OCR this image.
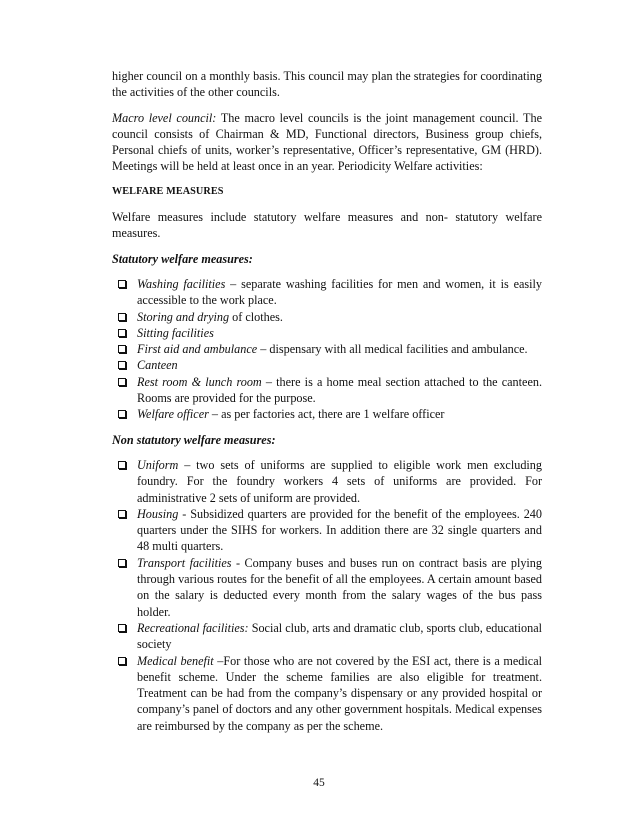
higher council on a monthly basis. This council may plan the strategies for coordinating the activities of the other councils.

Macro level council: The macro level councils is the joint management council. The council consists of Chairman & MD, Functional directors, Business group chiefs, Personal chiefs of units, worker’s representative, Officer’s representative, GM (HRD). Meetings will be held at least once in an year. Periodicity Welfare activities:

WELFARE MEASURES

Welfare measures include statutory welfare measures and non- statutory welfare measures.

Statutory welfare measures:

Washing facilities – separate washing facilities for men and women, it is easily accessible to the work place.
Storing and drying of clothes.
Sitting facilities
First aid and ambulance – dispensary with all medical facilities and ambulance.
Canteen
Rest room & lunch room – there is a home meal section attached to the canteen. Rooms are provided for the purpose.
Welfare officer – as per factories act, there are 1 welfare officer

Non statutory welfare measures:

Uniform – two sets of uniforms are supplied to eligible work men excluding foundry. For the foundry workers 4 sets of uniforms are provided. For administrative 2 sets of uniform are provided.
Housing - Subsidized quarters are provided for the benefit of the employees. 240 quarters under the SIHS for workers. In addition there are 32 single quarters and 48 multi quarters.
Transport facilities - Company buses and buses run on contract basis are plying through various routes for the benefit of all the employees. A certain amount based on the salary is deducted every month from the salary wages of the bus pass holder.
Recreational facilities: Social club, arts and dramatic club, sports club, educational society
Medical benefit –For those who are not covered by the ESI act, there is a medical benefit scheme. Under the scheme families are also eligible for treatment. Treatment can be had from the company’s dispensary or any provided hospital or company’s panel of doctors and any other government hospitals. Medical expenses are reimbursed by the company as per the scheme.
45
